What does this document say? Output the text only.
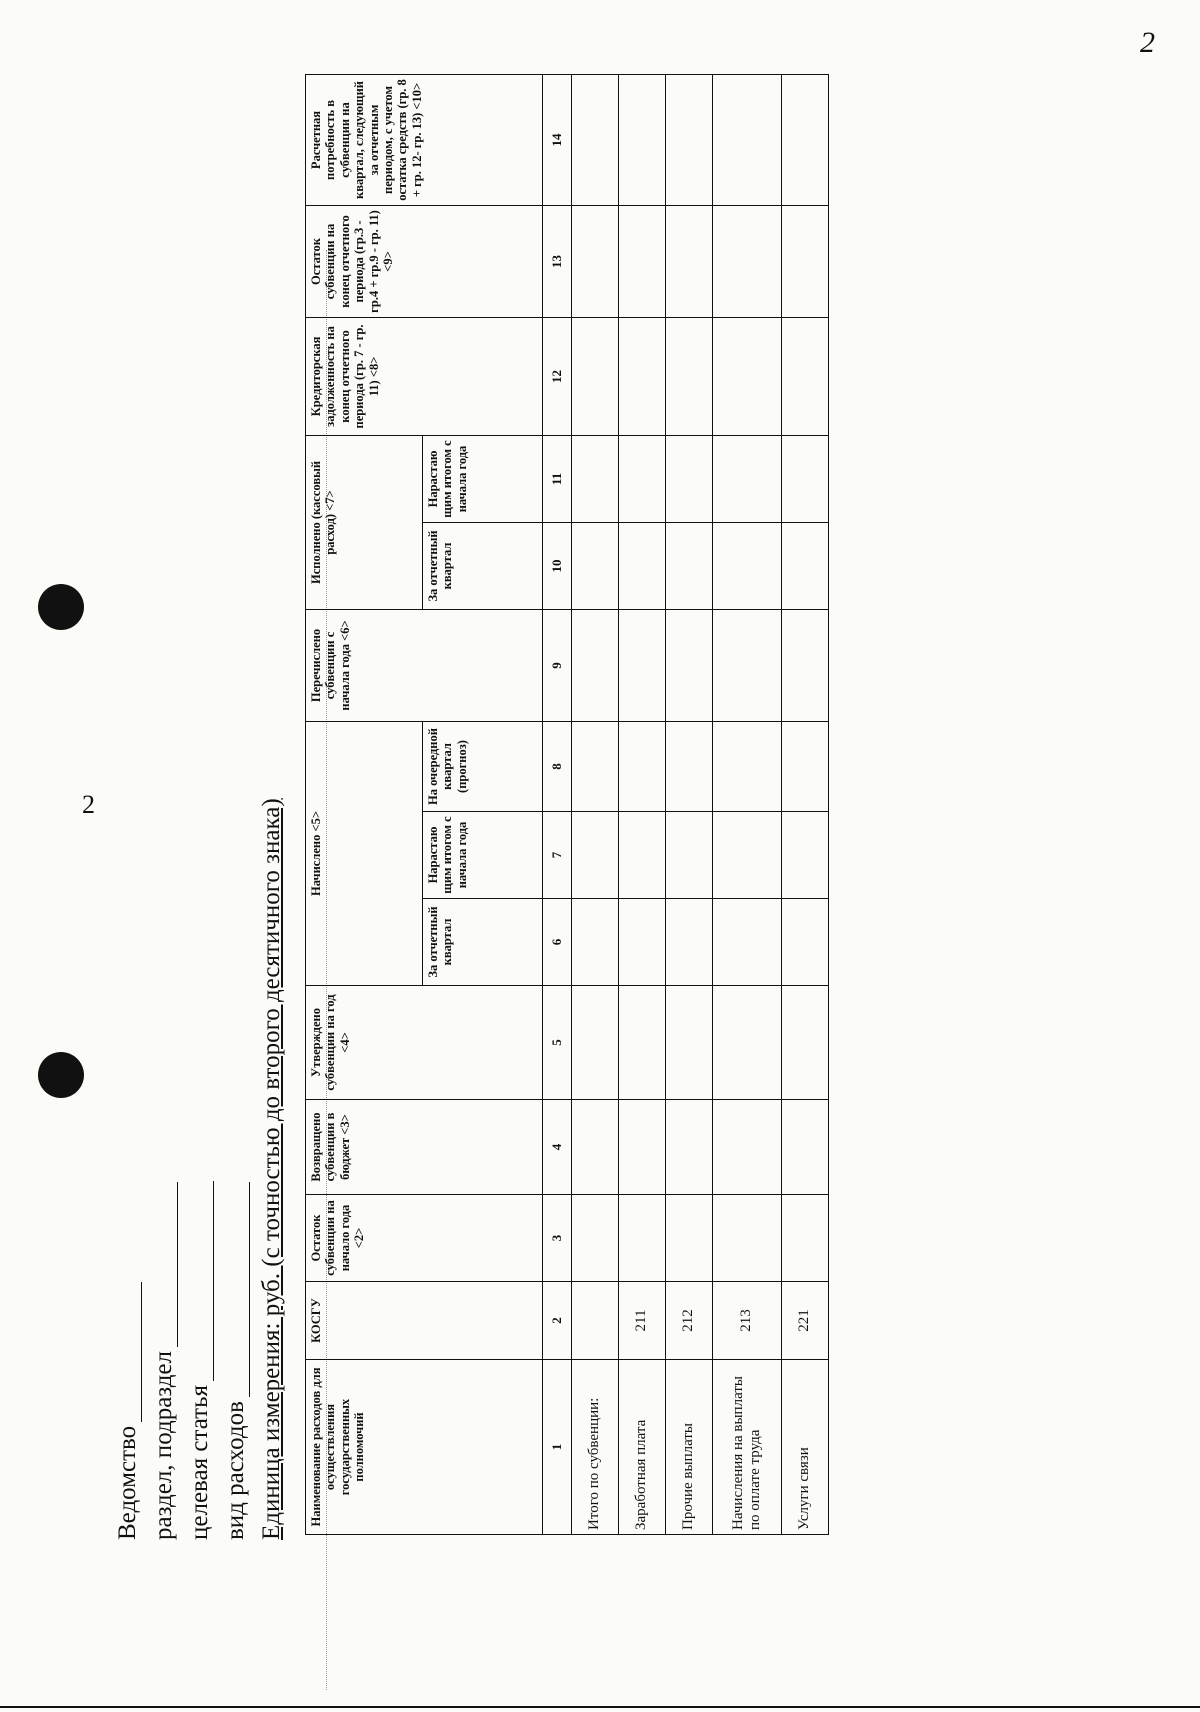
2
2
Ведомство раздел, подраздел целевая статья вид расходов Единица измерения: руб. (с точностью до второго десятичного знака) Наименование расходов для осуществления государственных полномочий	КОСГУ	Остаток субвенции на начало года <2>	Возвращено субвенции в бюджет <3>	Утверждено субвенции на год <4>	Начислено <5>			Перечислено субвенции с начала года <6>	Исполнено (кассовый расход) <7>		Кредиторская задолженность на конец отчетного периода (гр. 7 - гр. 11) <8>	Остаток субвенции на конец отчетного периода (гр.3 - гр.4 + гр.9 - гр. 11) <9>	Расчетная потребность в субвенции на квартал, следующий за отчетным периодом, с учетом остатка средств (гр. 8 + гр. 12- гр. 13) <10>
					За отчетный квартал	Нарастаю щим итогом с начала года	На очередной квартал (прогноз)		За отчетный квартал	Нарастаю щим итогом с начала года			
1	2	3	4	5	6	7	8	9	10	11	12	13	14
Итого по субвенции:													
Заработная плата	211												
Прочие выплаты	212												
Начисления на выплаты по оплате труда	213												
Услуги связи	221												
